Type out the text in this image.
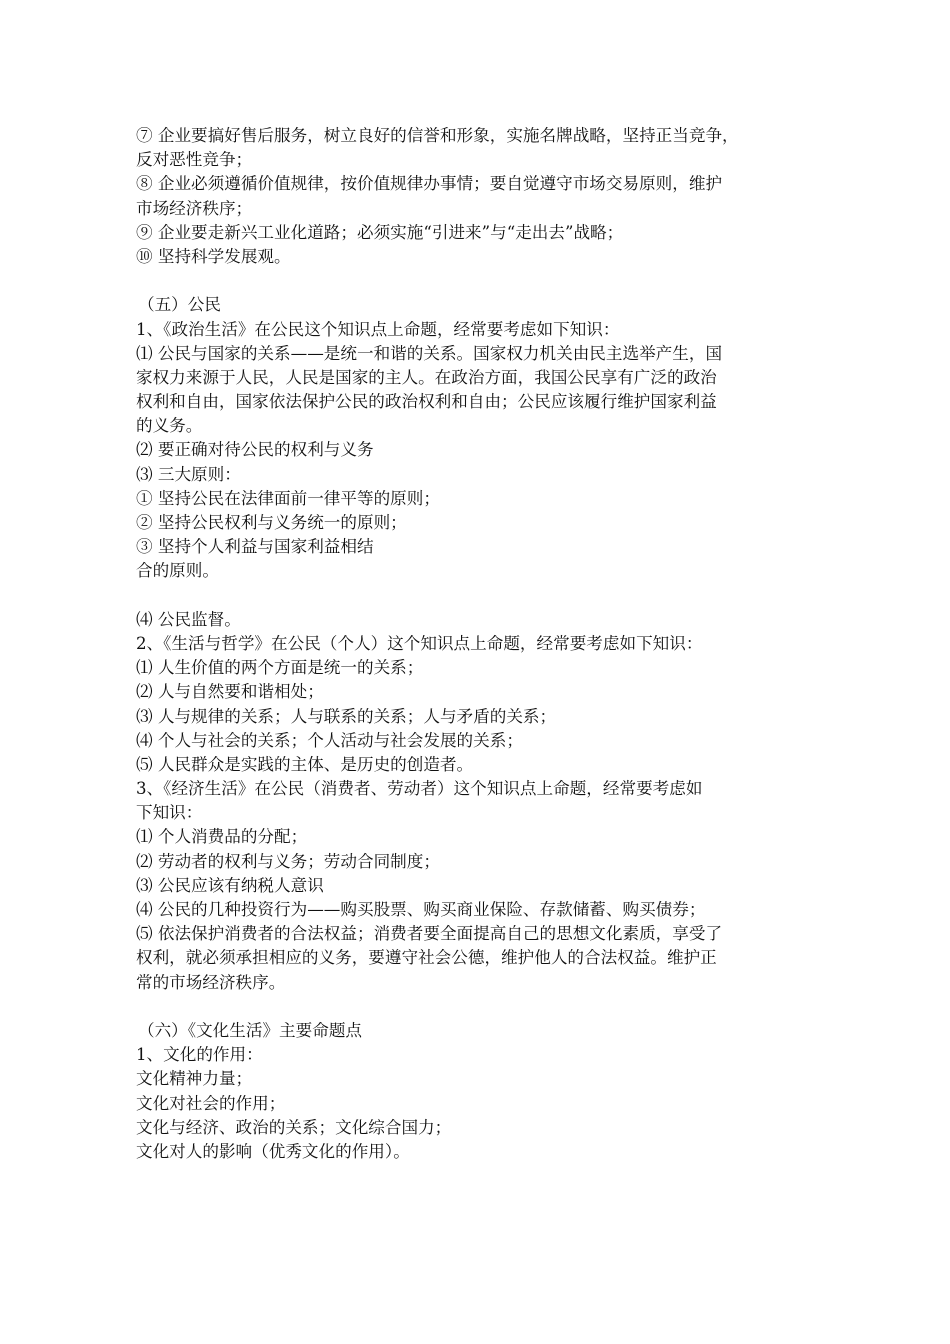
⑦ 企业要搞好售后服务，树立良好的信誉和形象，实施名牌战略，坚持正当竞争，
反对恶性竞争；
⑧ 企业必须遵循价值规律，按价值规律办事情；要自觉遵守市场交易原则，维护
市场经济秩序；
⑨ 企业要走新兴工业化道路；必须实施“引进来”与“走出去”战略；
⑩ 坚持科学发展观。
（五）公民
1、《政治生活》在公民这个知识点上命题，经常要考虑如下知识：
⑴ 公民与国家的关系——是统一和谐的关系。国家权力机关由民主选举产生，国
家权力来源于人民，人民是国家的主人。在政治方面，我国公民享有广泛的政治
权利和自由，国家依法保护公民的政治权利和自由；公民应该履行维护国家利益
的义务。
⑵ 要正确对待公民的权利与义务
⑶ 三大原则：
① 坚持公民在法律面前一律平等的原则；
② 坚持公民权利与义务统一的原则；
③ 坚持个人利益与国家利益相结
合的原则。
⑷ 公民监督。
2、《生活与哲学》在公民（个人）这个知识点上命题，经常要考虑如下知识：
⑴ 人生价值的两个方面是统一的关系；
⑵ 人与自然要和谐相处；
⑶ 人与规律的关系；人与联系的关系；人与矛盾的关系；
⑷ 个人与社会的关系；个人活动与社会发展的关系；
⑸ 人民群众是实践的主体、是历史的创造者。
3、《经济生活》在公民（消费者、劳动者）这个知识点上命题，经常要考虑如
下知识：
⑴ 个人消费品的分配；
⑵ 劳动者的权利与义务；劳动合同制度；
⑶ 公民应该有纳税人意识
⑷ 公民的几种投资行为——购买股票、购买商业保险、存款储蓄、购买债券；
⑸ 依法保护消费者的合法权益；消费者要全面提高自己的思想文化素质，享受了
权利，就必须承担相应的义务，要遵守社会公德，维护他人的合法权益。维护正
常的市场经济秩序。
（六）《文化生活》主要命题点
1、文化的作用：
文化精神力量；
文化对社会的作用；
文化与经济、政治的关系；文化综合国力；
文化对人的影响（优秀文化的作用）。
